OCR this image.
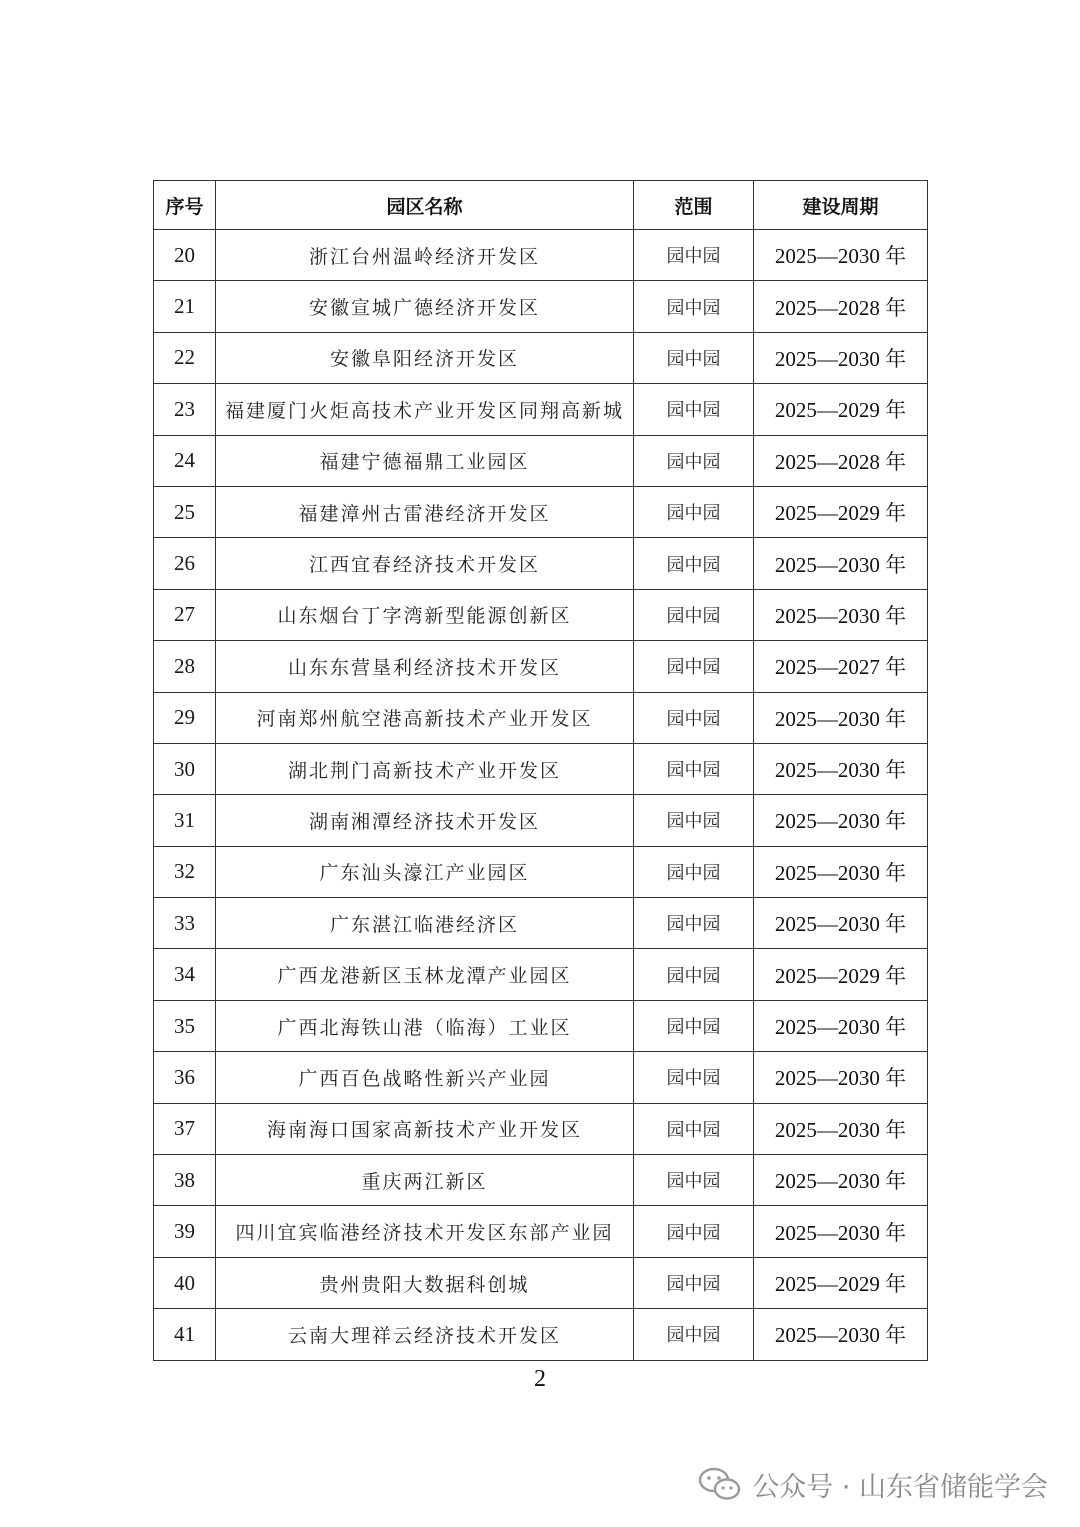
序号	园区名称	范围	建设周期
20	浙江台州温岭经济开发区	园中园	2025—2030 年
21	安徽宣城广德经济开发区	园中园	2025—2028 年
22	安徽阜阳经济开发区	园中园	2025—2030 年
23	福建厦门火炬高技术产业开发区同翔高新城	园中园	2025—2029 年
24	福建宁德福鼎工业园区	园中园	2025—2028 年
25	福建漳州古雷港经济开发区	园中园	2025—2029 年
26	江西宜春经济技术开发区	园中园	2025—2030 年
27	山东烟台丁字湾新型能源创新区	园中园	2025—2030 年
28	山东东营垦利经济技术开发区	园中园	2025—2027 年
29	河南郑州航空港高新技术产业开发区	园中园	2025—2030 年
30	湖北荆门高新技术产业开发区	园中园	2025—2030 年
31	湖南湘潭经济技术开发区	园中园	2025—2030 年
32	广东汕头濠江产业园区	园中园	2025—2030 年
33	广东湛江临港经济区	园中园	2025—2030 年
34	广西龙港新区玉林龙潭产业园区	园中园	2025—2029 年
35	广西北海铁山港（临海）工业区	园中园	2025—2030 年
36	广西百色战略性新兴产业园	园中园	2025—2030 年
37	海南海口国家高新技术产业开发区	园中园	2025—2030 年
38	重庆两江新区	园中园	2025—2030 年
39	四川宜宾临港经济技术开发区东部产业园	园中园	2025—2030 年
40	贵州贵阳大数据科创城	园中园	2025—2029 年
41	云南大理祥云经济技术开发区	园中园	2025—2030 年
2
公众号 · 山东省储能学会
